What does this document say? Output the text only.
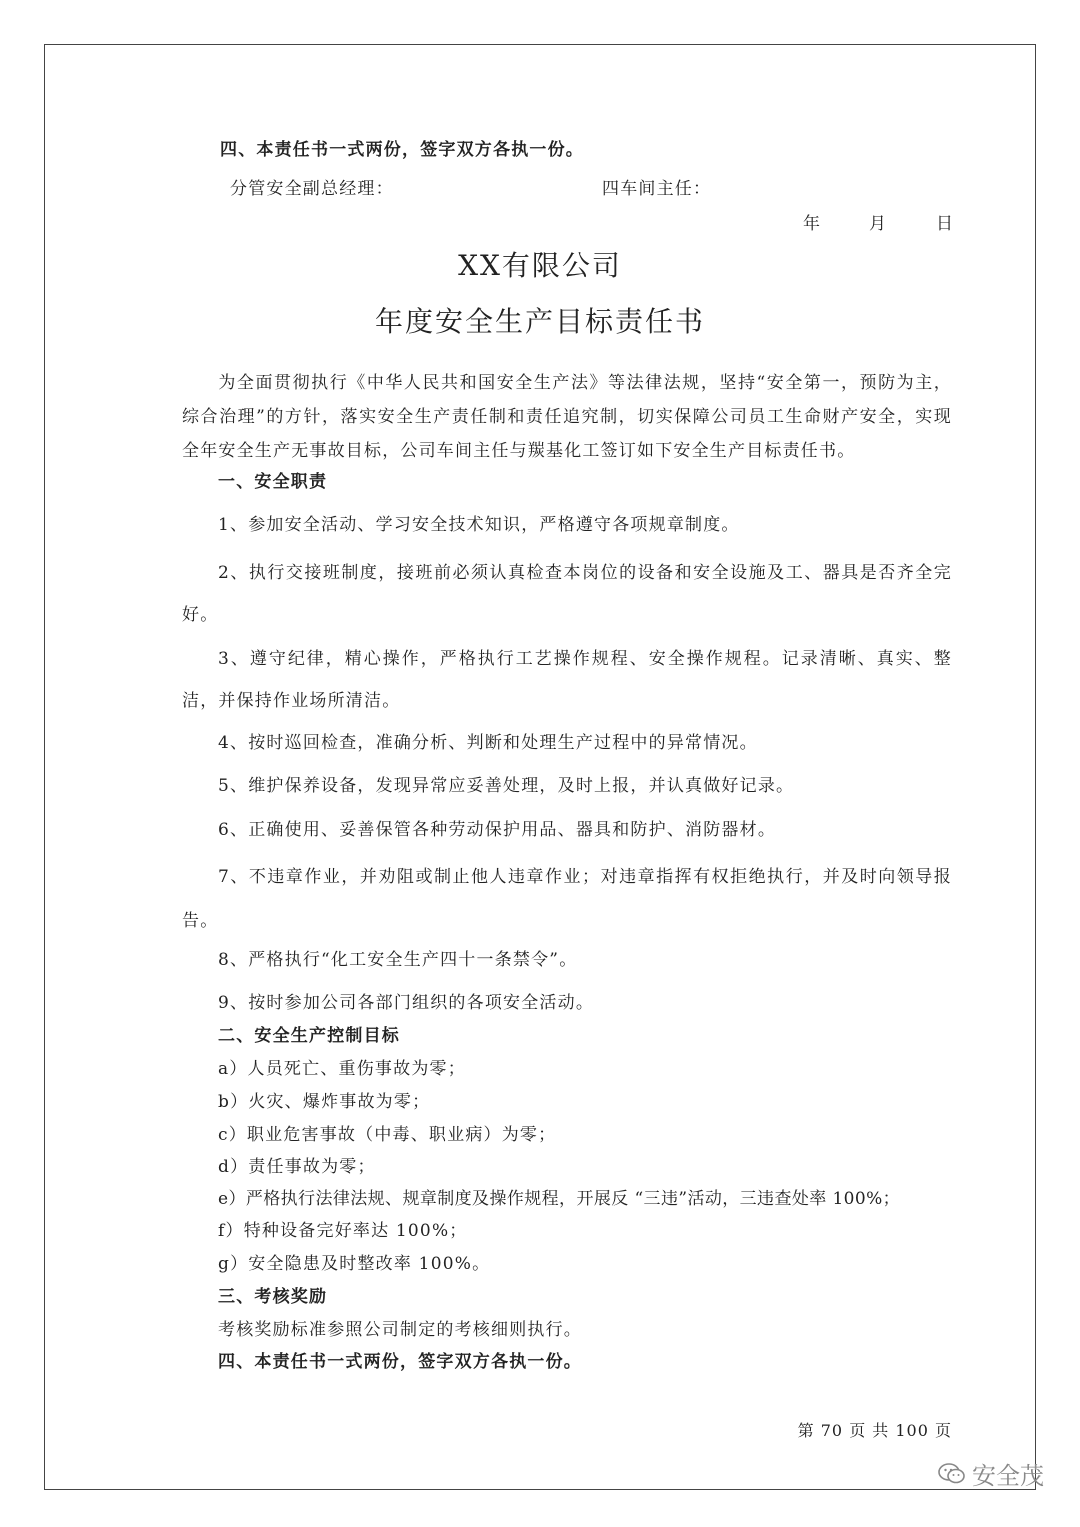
四、本责任书一式两份，签字双方各执一份。
分管安全副总经理：	四车间主任：
年	月	日
XX有限公司
年度安全生产目标责任书
为全面贯彻执行《中华人民共和国安全生产法》等法律法规，坚持“安全第一，预防为主，综合治理”的方针，落实安全生产责任制和责任追究制，切实保障公司员工生命财产安全，实现全年安全生产无事故目标，公司车间主任与羰基化工签订如下安全生产目标责任书。
一、安全职责
1、参加安全活动、学习安全技术知识，严格遵守各项规章制度。
2、执行交接班制度，接班前必须认真检查本岗位的设备和安全设施及工、器具是否齐全完好。
3、遵守纪律，精心操作，严格执行工艺操作规程、安全操作规程。记录清晰、真实、整洁，并保持作业场所清洁。
4、按时巡回检查，准确分析、判断和处理生产过程中的异常情况。
5、维护保养设备，发现异常应妥善处理，及时上报，并认真做好记录。
6、正确使用、妥善保管各种劳动保护用品、器具和防护、消防器材。
7、不违章作业，并劝阻或制止他人违章作业；对违章指挥有权拒绝执行，并及时向领导报告。
8、严格执行“化工安全生产四十一条禁令”。
9、按时参加公司各部门组织的各项安全活动。
二、安全生产控制目标
a）人员死亡、重伤事故为零；
b）火灾、爆炸事故为零；
c）职业危害事故（中毒、职业病）为零；
d）责任事故为零；
e）严格执行法律法规、规章制度及操作规程，开展反 “三违”活动，三违查处率 100%；
f）特种设备完好率达 100%；
g）安全隐患及时整改率 100%。
三、考核奖励
考核奖励标准参照公司制定的考核细则执行。
四、本责任书一式两份，签字双方各执一份。
第 70 页 共 100 页
安全茂
